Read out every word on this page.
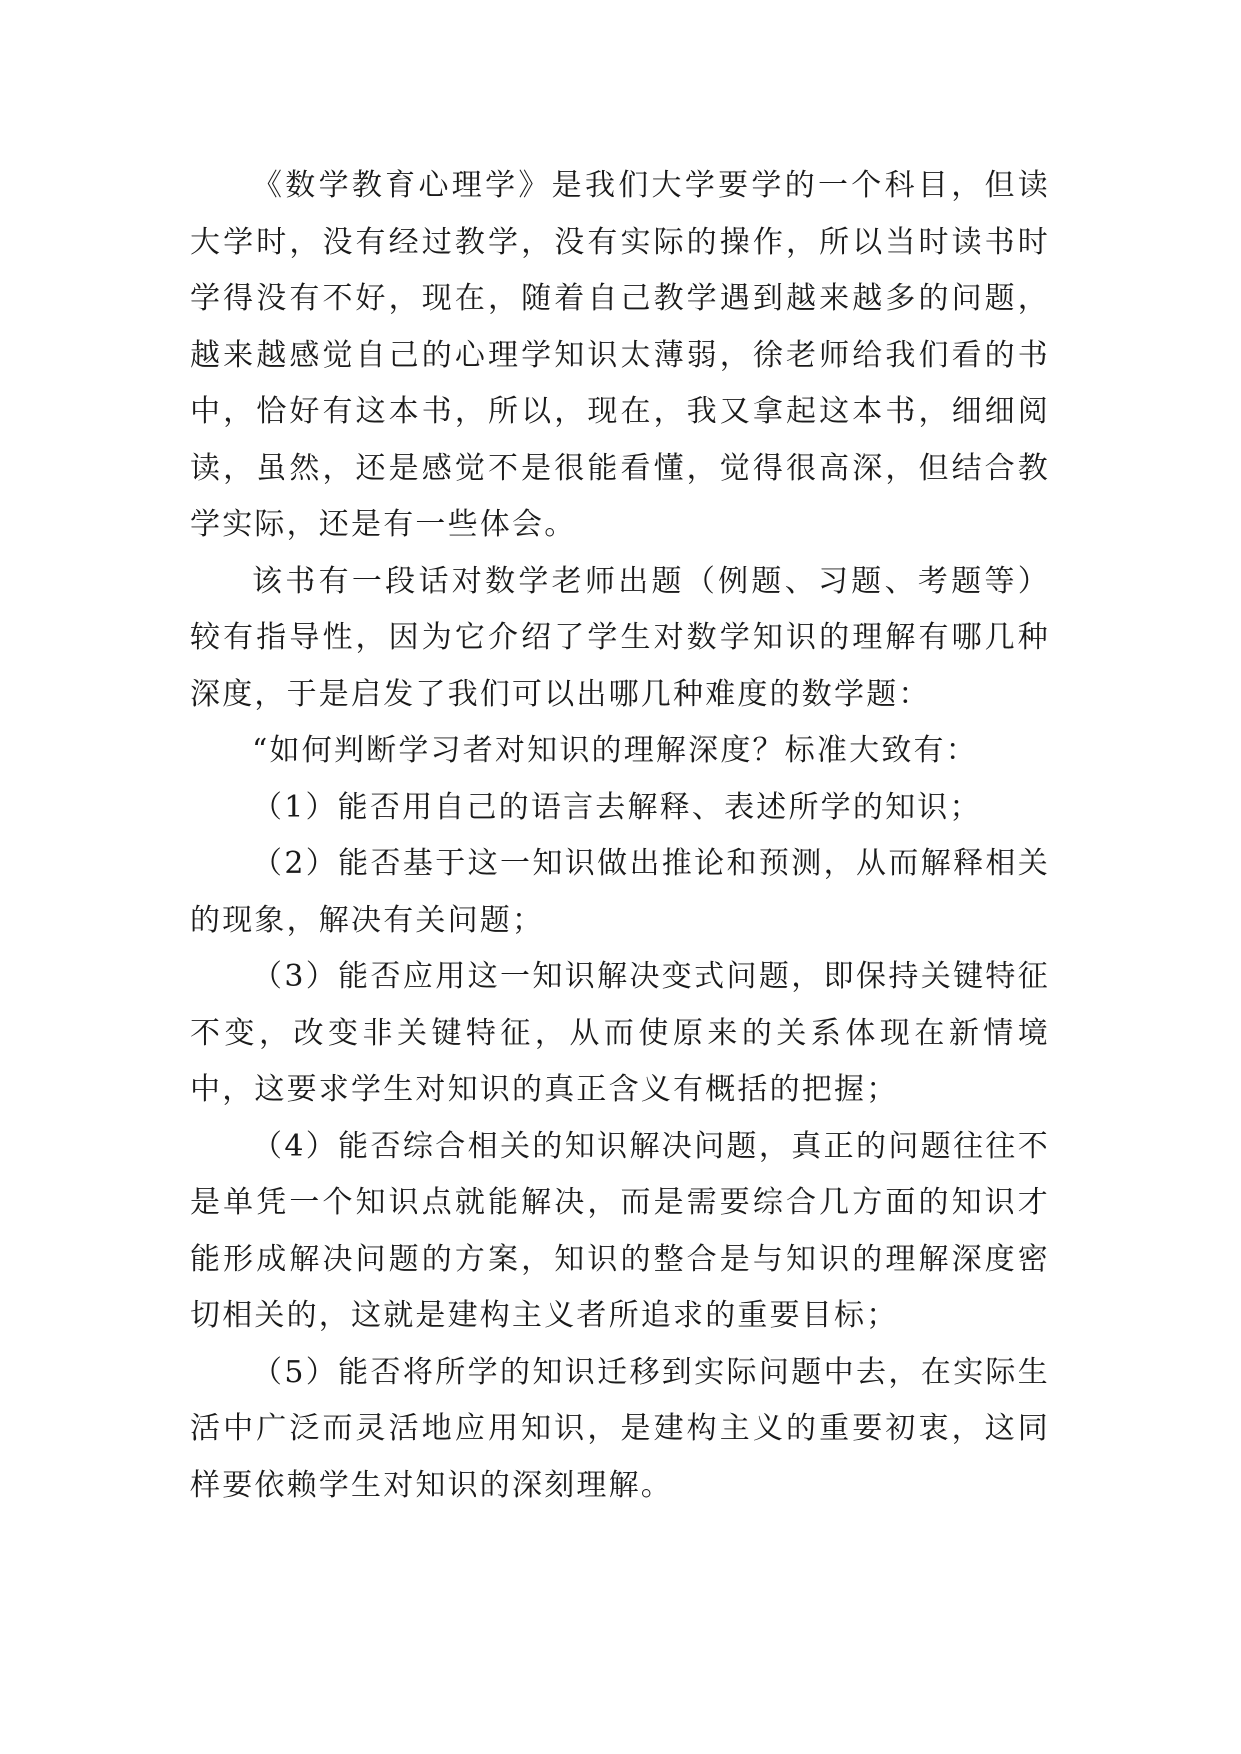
《数学教育心理学》是我们大学要学的一个科目，但读大学时，没有经过教学，没有实际的操作，所以当时读书时学得没有不好，现在，随着自己教学遇到越来越多的问题，越来越感觉自己的心理学知识太薄弱，徐老师给我们看的书中，恰好有这本书，所以，现在，我又拿起这本书，细细阅读，虽然，还是感觉不是很能看懂，觉得很高深，但结合教学实际，还是有一些体会。

该书有一段话对数学老师出题（例题、习题、考题等）较有指导性，因为它介绍了学生对数学知识的理解有哪几种深度，于是启发了我们可以出哪几种难度的数学题：

“如何判断学习者对知识的理解深度？标准大致有：

（1）能否用自己的语言去解释、表述所学的知识；

（2）能否基于这一知识做出推论和预测，从而解释相关的现象，解决有关问题；

（3）能否应用这一知识解决变式问题，即保持关键特征不变，改变非关键特征，从而使原来的关系体现在新情境中，这要求学生对知识的真正含义有概括的把握；

（4）能否综合相关的知识解决问题，真正的问题往往不是单凭一个知识点就能解决，而是需要综合几方面的知识才能形成解决问题的方案，知识的整合是与知识的理解深度密切相关的，这就是建构主义者所追求的重要目标；

（5）能否将所学的知识迁移到实际问题中去，在实际生活中广泛而灵活地应用知识，是建构主义的重要初衷，这同样要依赖学生对知识的深刻理解。
